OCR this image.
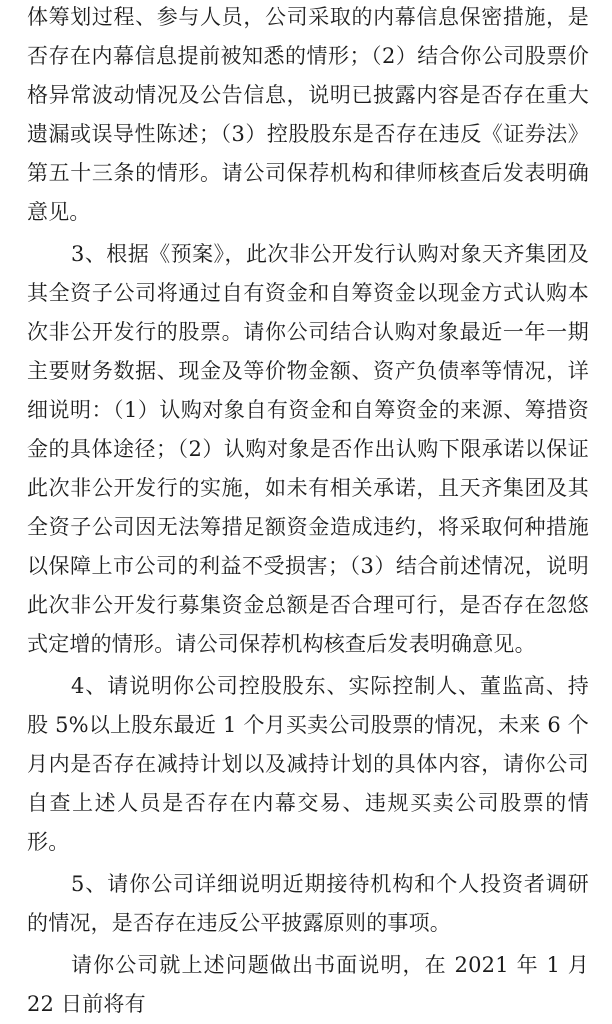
体筹划过程、参与人员，公司采取的内幕信息保密措施，是否存在内幕信息提前被知悉的情形；（2）结合你公司股票价格异常波动情况及公告信息，说明已披露内容是否存在重大遗漏或误导性陈述；（3）控股股东是否存在违反《证券法》第五十三条的情形。请公司保荐机构和律师核查后发表明确意见。

3、根据《预案》，此次非公开发行认购对象天齐集团及其全资子公司将通过自有资金和自筹资金以现金方式认购本次非公开发行的股票。请你公司结合认购对象最近一年一期主要财务数据、现金及等价物金额、资产负债率等情况，详细说明：（1）认购对象自有资金和自筹资金的来源、筹措资金的具体途径；（2）认购对象是否作出认购下限承诺以保证此次非公开发行的实施，如未有相关承诺，且天齐集团及其全资子公司因无法筹措足额资金造成违约，将采取何种措施以保障上市公司的利益不受损害；（3）结合前述情况，说明此次非公开发行募集资金总额是否合理可行，是否存在忽悠式定增的情形。请公司保荐机构核查后发表明确意见。

4、请说明你公司控股股东、实际控制人、董监高、持股 5%以上股东最近 1 个月买卖公司股票的情况，未来 6 个月内是否存在减持计划以及减持计划的具体内容，请你公司自查上述人员是否存在内幕交易、违规买卖公司股票的情形。

5、请你公司详细说明近期接待机构和个人投资者调研的情况，是否存在违反公平披露原则的事项。

请你公司就上述问题做出书面说明，在 2021 年 1 月 22 日前将有
